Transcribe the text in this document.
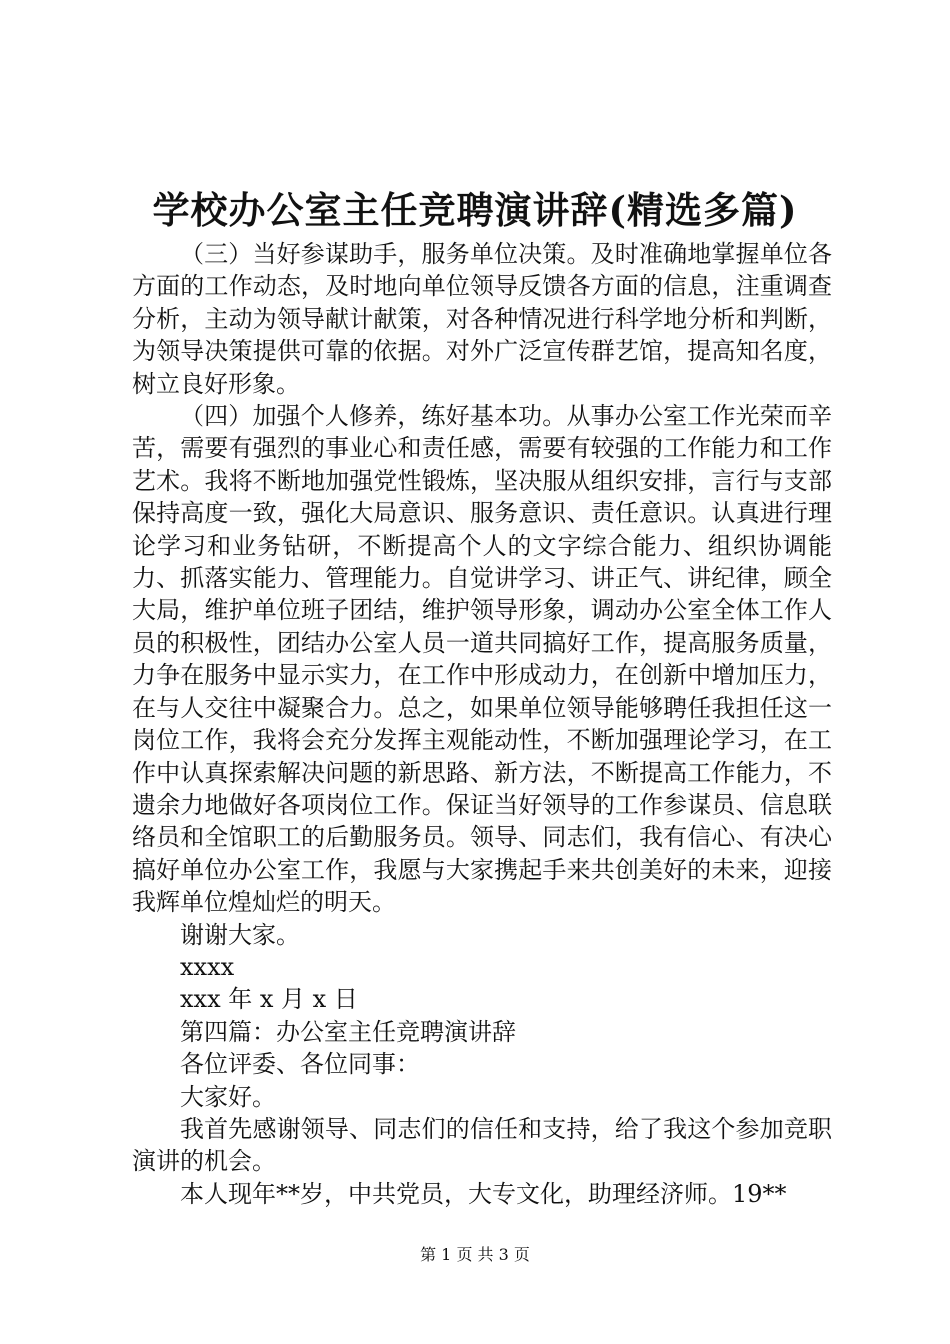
学校办公室主任竞聘演讲辞(精选多篇)

（三）当好参谋助手，服务单位决策。及时准确地掌握单位各方面的工作动态，及时地向单位领导反馈各方面的信息，注重调查分析，主动为领导献计献策，对各种情况进行科学地分析和判断，为领导决策提供可靠的依据。对外广泛宣传群艺馆，提高知名度，树立良好形象。

（四）加强个人修养，练好基本功。从事办公室工作光荣而辛苦，需要有强烈的事业心和责任感，需要有较强的工作能力和工作艺术。我将不断地加强党性锻炼，坚决服从组织安排，言行与支部保持高度一致，强化大局意识、服务意识、责任意识。认真进行理论学习和业务钻研，不断提高个人的文字综合能力、组织协调能力、抓落实能力、管理能力。自觉讲学习、讲正气、讲纪律，顾全大局，维护单位班子团结，维护领导形象，调动办公室全体工作人员的积极性，团结办公室人员一道共同搞好工作，提高服务质量，力争在服务中显示实力，在工作中形成动力，在创新中增加压力，在与人交往中凝聚合力。总之，如果单位领导能够聘任我担任这一岗位工作，我将会充分发挥主观能动性，不断加强理论学习，在工作中认真探索解决问题的新思路、新方法，不断提高工作能力，不遗余力地做好各项岗位工作。保证当好领导的工作参谋员、信息联络员和全馆职工的后勤服务员。领导、同志们，我有信心、有决心搞好单位办公室工作，我愿与大家携起手来共创美好的未来，迎接我辉单位煌灿烂的明天。

谢谢大家。

xxxx

xxx 年 x 月 x 日

第四篇：办公室主任竞聘演讲辞

各位评委、各位同事：

大家好。

我首先感谢领导、同志们的信任和支持，给了我这个参加竞职演讲的机会。

本人现年**岁，中共党员，大专文化，助理经济师。19**

第 1 页 共 3 页
